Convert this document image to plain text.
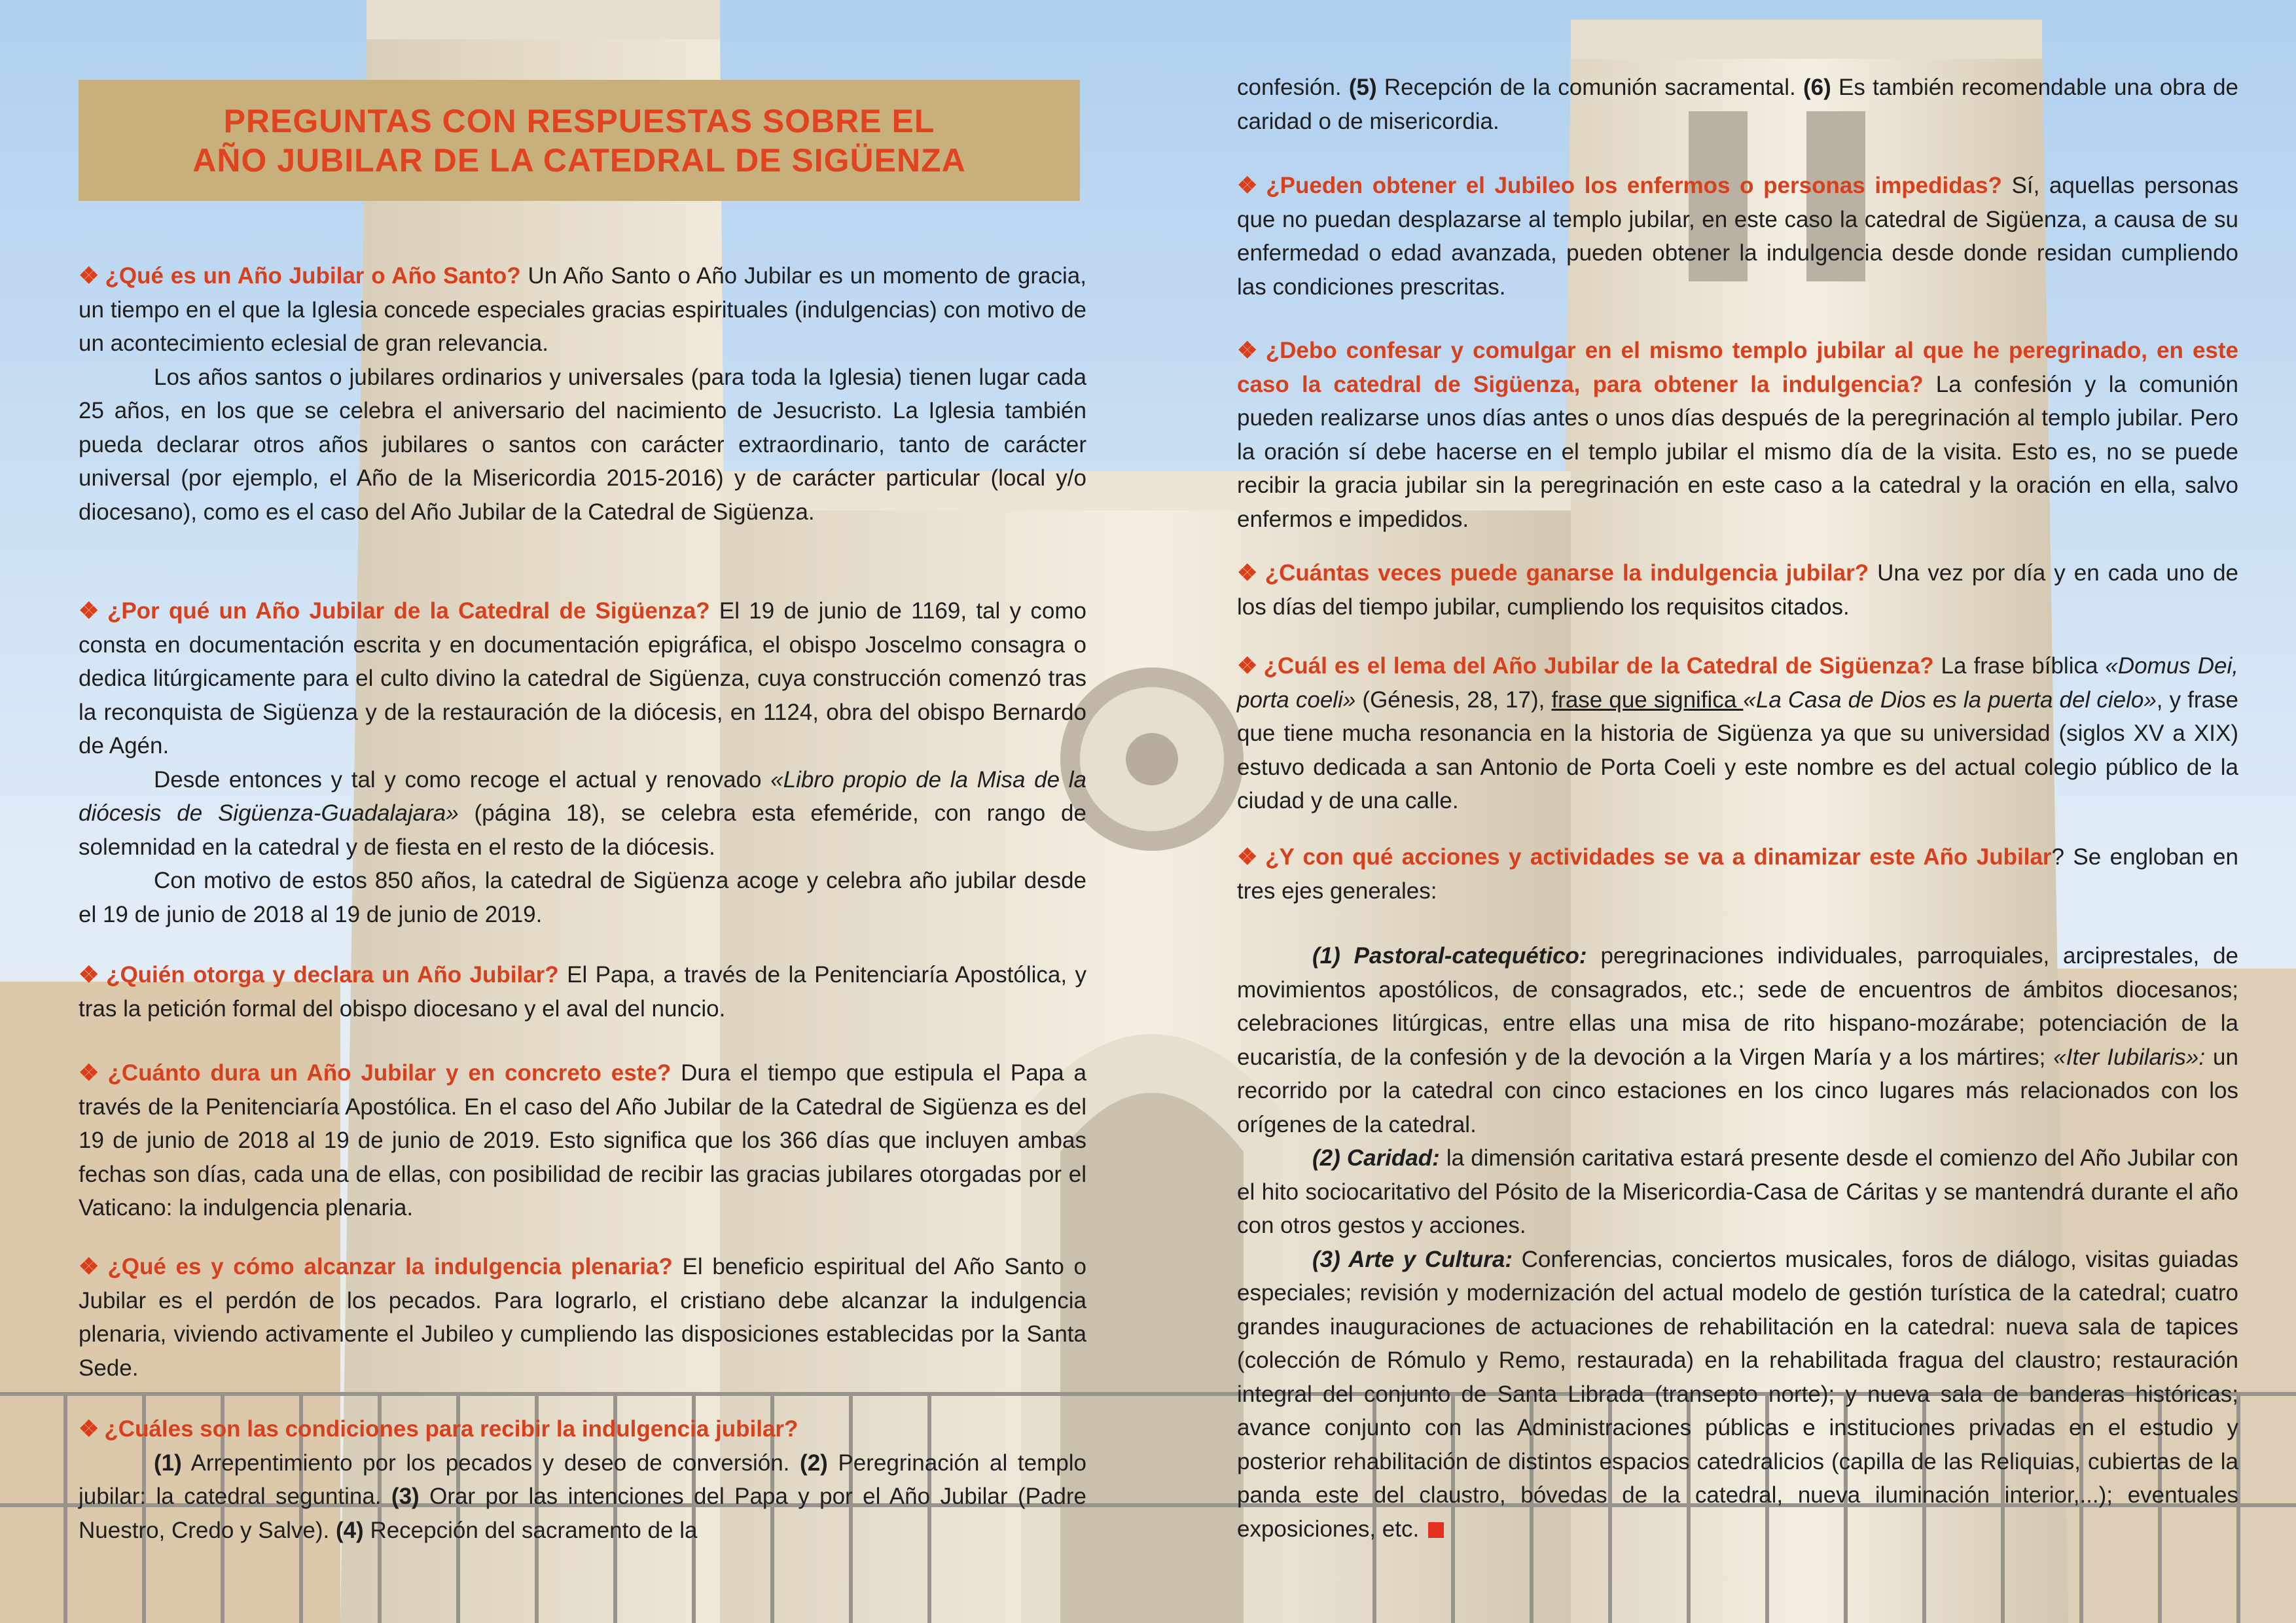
PREGUNTAS CON RESPUESTAS SOBRE EL
AÑO JUBILAR DE LA CATEDRAL DE SIGÜENZA

❖ ¿Qué es un Año Jubilar o Año Santo? Un Año Santo o Año Jubilar es un momento de gracia, un tiempo en el que la Iglesia concede especiales gracias espirituales (indulgencias) con motivo de un acontecimiento eclesial de gran relevancia.

Los años santos o jubilares ordinarios y universales (para toda la Iglesia) tienen lugar cada 25 años, en los que se celebra el aniversario del nacimiento de Jesucristo. La Iglesia también pueda declarar otros años jubilares o santos con carácter extraordinario, tanto de carácter universal (por ejemplo, el Año de la Misericordia 2015-2016) y de carácter particular (local y/o diocesano), como es el caso del Año Jubilar de la Catedral de Sigüenza.

❖ ¿Por qué un Año Jubilar de la Catedral de Sigüenza? El 19 de junio de 1169, tal y como consta en documentación escrita y en documentación epigráfica, el obispo Joscelmo consagra o dedica litúrgicamente para el culto divino la catedral de Sigüenza, cuya construcción comenzó tras la reconquista de Sigüenza y de la restauración de la diócesis, en 1124, obra del obispo Bernardo de Agén.

Desde entonces y tal y como recoge el actual y renovado «Libro propio de la Misa de la diócesis de Sigüenza-Guadalajara» (página 18), se celebra esta efeméride, con rango de solemnidad en la catedral y de fiesta en el resto de la diócesis.

Con motivo de estos 850 años, la catedral de Sigüenza acoge y celebra año jubilar desde el 19 de junio de 2018 al 19 de junio de 2019.

❖ ¿Quién otorga y declara un Año Jubilar? El Papa, a través de la Penitenciaría Apostólica, y tras la petición formal del obispo diocesano y el aval del nuncio.

❖ ¿Cuánto dura un Año Jubilar y en concreto este? Dura el tiempo que estipula el Papa a través de la Penitenciaría Apostólica. En el caso del Año Jubilar de la Catedral de Sigüenza es del 19 de junio de 2018 al 19 de junio de 2019. Esto significa que los 366 días que incluyen ambas fechas son días, cada una de ellas, con posibilidad de recibir las gracias jubilares otorgadas por el Vaticano: la indulgencia plenaria.

❖ ¿Qué es y cómo alcanzar la indulgencia plenaria? El beneficio espiritual del Año Santo o Jubilar es el perdón de los pecados. Para lograrlo, el cristiano debe alcanzar la indulgencia plenaria, viviendo activamente el Jubileo y cumpliendo las disposiciones establecidas por la Santa Sede.

❖ ¿Cuáles son las condiciones para recibir la indulgencia jubilar?

(1) Arrepentimiento por los pecados y deseo de conversión. (2) Peregrinación al templo jubilar: la catedral seguntina. (3) Orar por las intenciones del Papa y por el Año Jubilar (Padre Nuestro, Credo y Salve). (4) Recepción del sacramento de la

confesión. (5) Recepción de la comunión sacramental. (6) Es también recomendable una obra de caridad o de misericordia.

❖ ¿Pueden obtener el Jubileo los enfermos o personas impedidas? Sí, aquellas personas que no puedan desplazarse al templo jubilar, en este caso la catedral de Sigüenza, a causa de su enfermedad o edad avanzada, pueden obtener la indulgencia desde donde residan cumpliendo las condiciones prescritas.

❖ ¿Debo confesar y comulgar en el mismo templo jubilar al que he peregrinado, en este caso la catedral de Sigüenza, para obtener la indulgencia? La confesión y la comunión pueden realizarse unos días antes o unos días después de la peregrinación al templo jubilar. Pero la oración sí debe hacerse en el templo jubilar el mismo día de la visita. Esto es, no se puede recibir la gracia jubilar sin la peregrinación en este caso a la catedral y la oración en ella, salvo enfermos e impedidos.

❖ ¿Cuántas veces puede ganarse la indulgencia jubilar? Una vez por día y en cada uno de los días del tiempo jubilar, cumpliendo los requisitos citados.

❖ ¿Cuál es el lema del Año Jubilar de la Catedral de Sigüenza? La frase bíblica «Domus Dei, porta coeli» (Génesis, 28, 17), frase que significa «La Casa de Dios es la puerta del cielo», y frase que tiene mucha resonancia en la historia de Sigüenza ya que su universidad (siglos XV a XIX) estuvo dedicada a san Antonio de Porta Coeli y este nombre es del actual colegio público de la ciudad y de una calle.

❖ ¿Y con qué acciones y actividades se va a dinamizar este Año Jubilar? Se engloban en tres ejes generales:

(1) Pastoral-catequético: peregrinaciones individuales, parroquiales, arciprestales, de movimientos apostólicos, de consagrados, etc.; sede de encuentros de ámbitos diocesanos; celebraciones litúrgicas, entre ellas una misa de rito hispano-mozárabe; potenciación de la eucaristía, de la confesión y de la devoción a la Virgen María y a los mártires; «Iter Iubilaris»: un recorrido por la catedral con cinco estaciones en los cinco lugares más relacionados con los orígenes de la catedral.

(2) Caridad: la dimensión caritativa estará presente desde el comienzo del Año Jubilar con el hito sociocaritativo del Pósito de la Misericordia-Casa de Cáritas y se mantendrá durante el año con otros gestos y acciones.

(3) Arte y Cultura: Conferencias, conciertos musicales, foros de diálogo, visitas guiadas especiales; revisión y modernización del actual modelo de gestión turística de la catedral; cuatro grandes inauguraciones de actuaciones de rehabilitación en la catedral: nueva sala de tapices (colección de Rómulo y Remo, restaurada) en la rehabilitada fragua del claustro; restauración integral del conjunto de Santa Librada (transepto norte); y nueva sala de banderas históricas; avance conjunto con las Administraciones públicas e instituciones privadas en el estudio y posterior rehabilitación de distintos espacios catedralicios (capilla de las Reliquias, cubiertas de la panda este del claustro, bóvedas de la catedral, nueva iluminación interior,...); eventuales exposiciones, etc.
